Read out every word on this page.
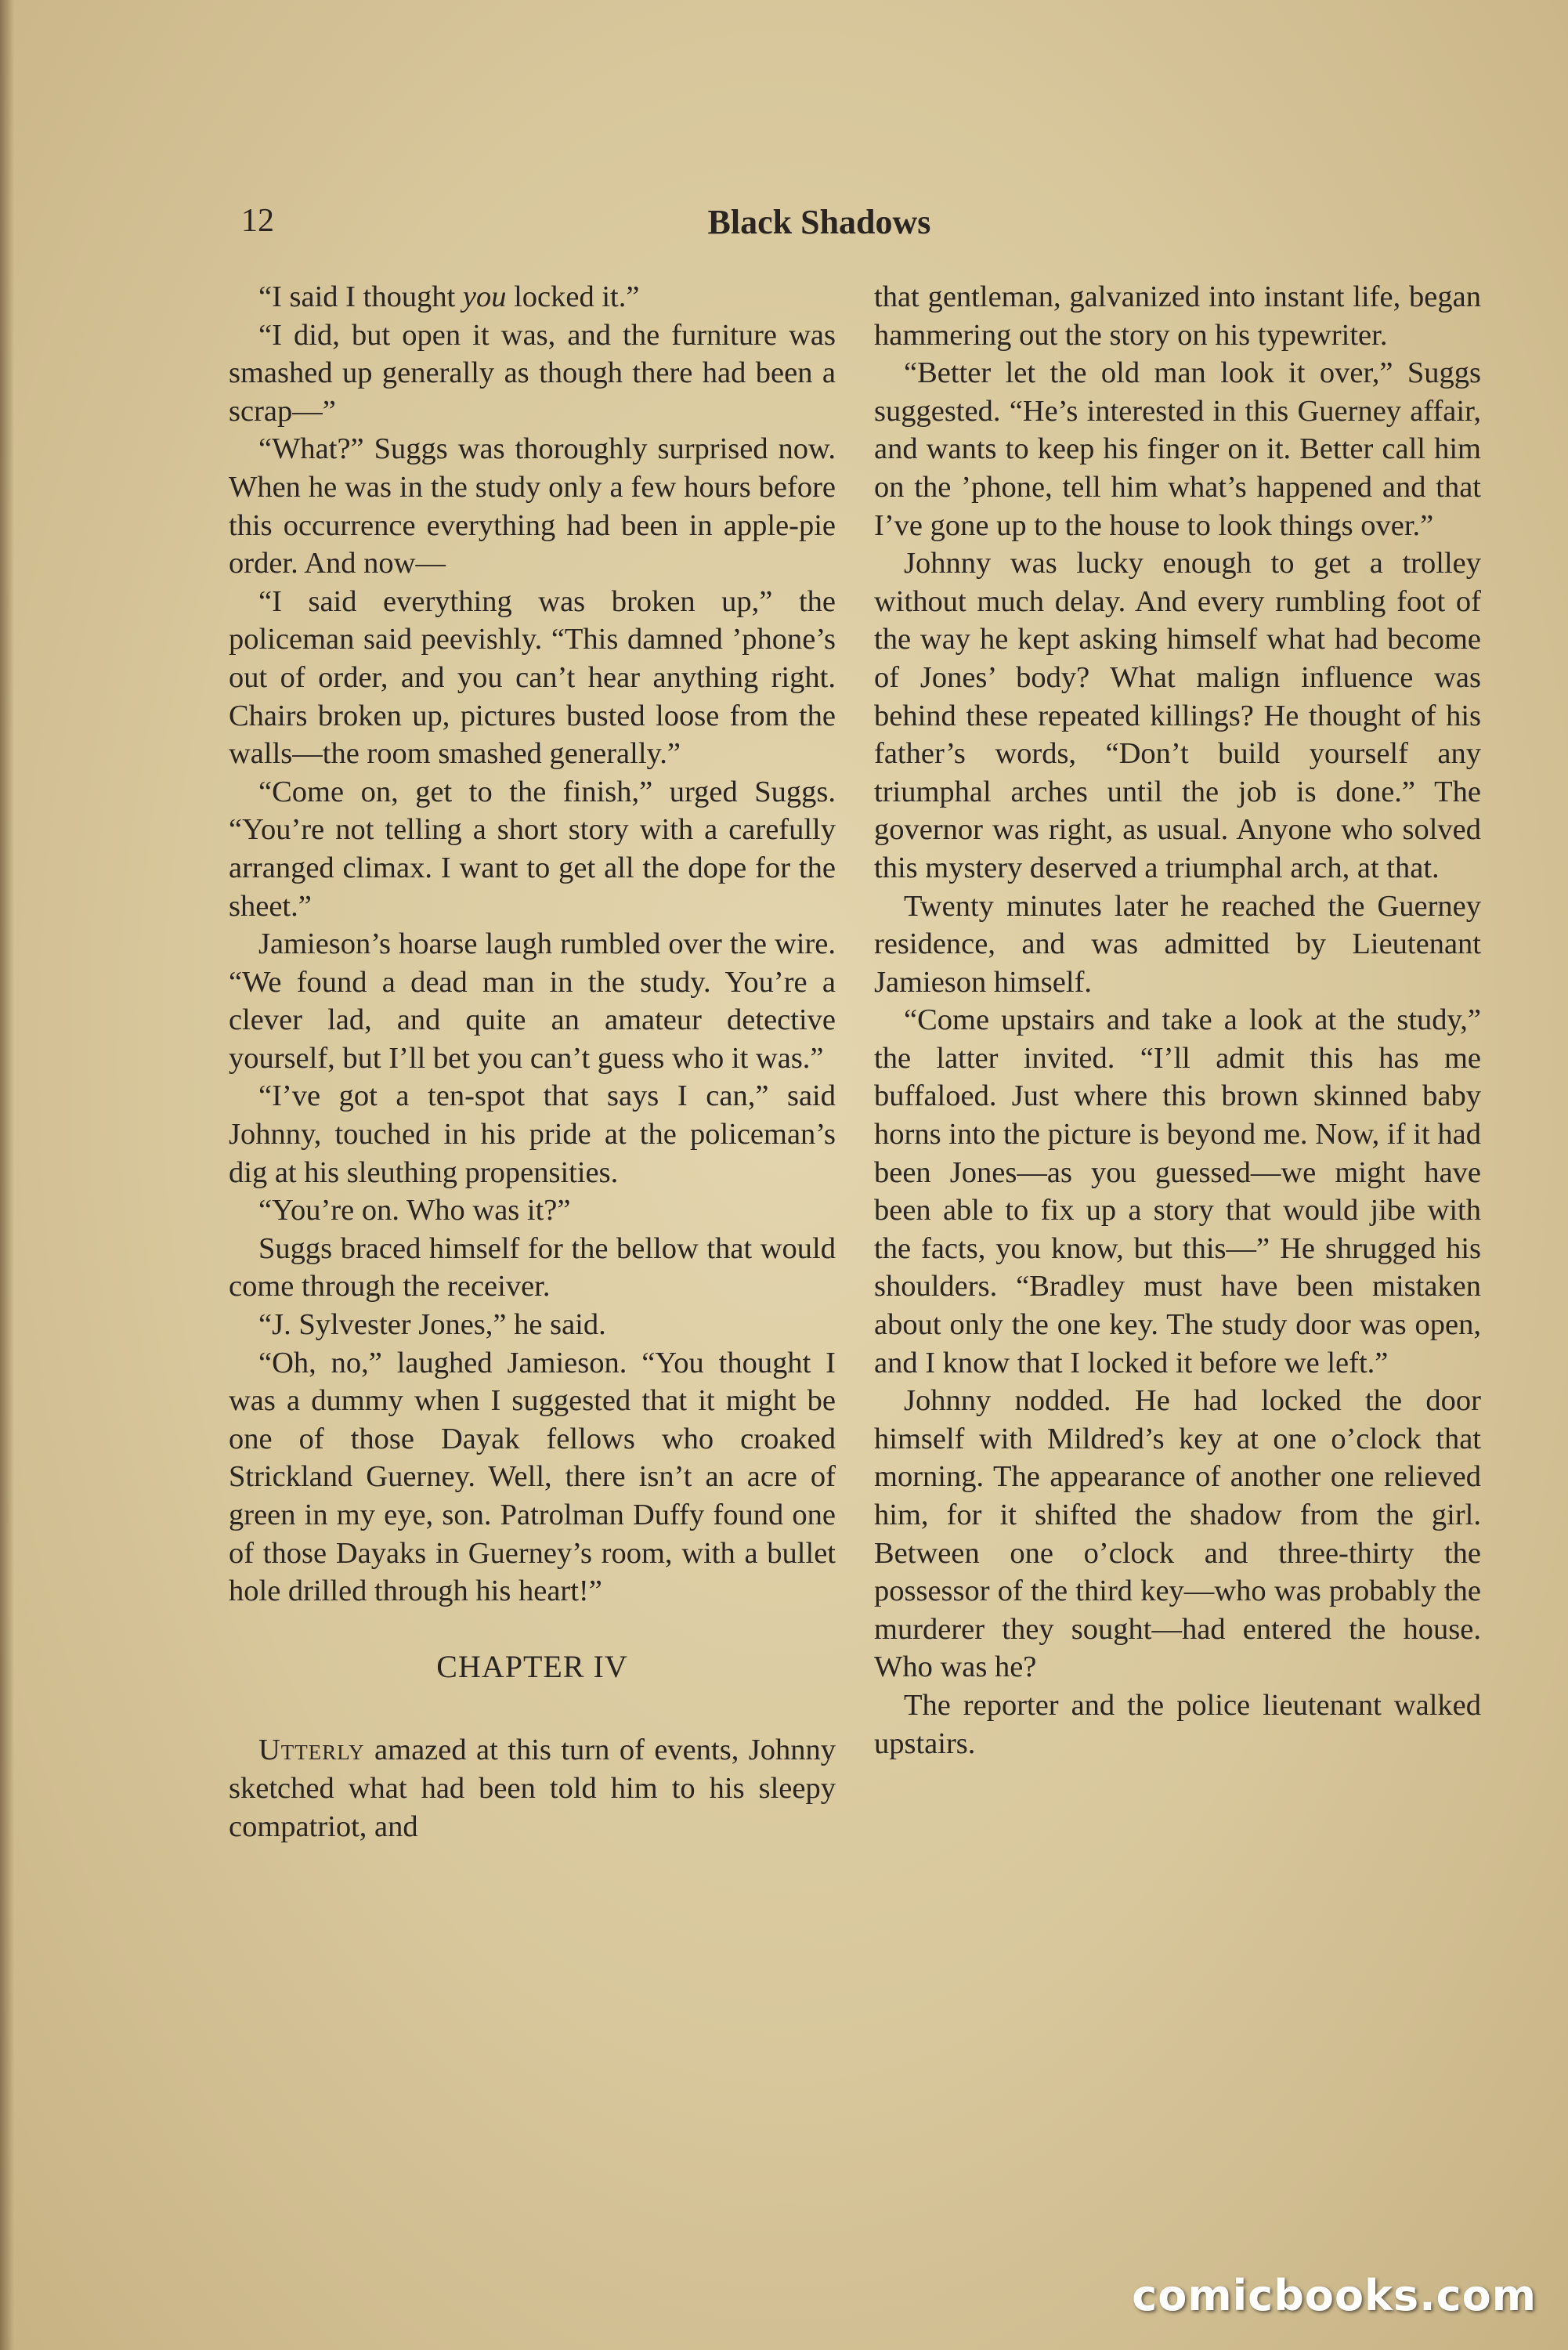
12	Black Shadows

“I said I thought you locked it.”

“I did, but open it was, and the furniture was smashed up generally as though there had been a scrap—”

“What?” Suggs was thoroughly surprised now. When he was in the study only a few hours before this occurrence everything had been in apple-pie order. And now—

“I said everything was broken up,” the policeman said peevishly. “This damned ’phone’s out of order, and you can’t hear anything right. Chairs broken up, pictures busted loose from the walls—the room smashed generally.”

“Come on, get to the finish,” urged Suggs. “You’re not telling a short story with a carefully arranged climax. I want to get all the dope for the sheet.”

Jamieson’s hoarse laugh rumbled over the wire. “We found a dead man in the study. You’re a clever lad, and quite an amateur detective yourself, but I’ll bet you can’t guess who it was.”

“I’ve got a ten-spot that says I can,” said Johnny, touched in his pride at the policeman’s dig at his sleuthing propensities.

“You’re on. Who was it?”

Suggs braced himself for the bellow that would come through the receiver.

“J. Sylvester Jones,” he said.

“Oh, no,” laughed Jamieson. “You thought I was a dummy when I suggested that it might be one of those Dayak fellows who croaked Strickland Guerney. Well, there isn’t an acre of green in my eye, son. Patrolman Duffy found one of those Dayaks in Guerney’s room, with a bullet hole drilled through his heart!”

CHAPTER IV

Utterly amazed at this turn of events, Johnny sketched what had been told him to his sleepy compatriot, and

that gentleman, galvanized into instant life, began hammering out the story on his typewriter.

“Better let the old man look it over,” Suggs suggested. “He’s interested in this Guerney affair, and wants to keep his finger on it. Better call him on the ’phone, tell him what’s happened and that I’ve gone up to the house to look things over.”

Johnny was lucky enough to get a trolley without much delay. And every rumbling foot of the way he kept asking himself what had become of Jones’ body? What malign influence was behind these repeated killings? He thought of his father’s words, “Don’t build yourself any triumphal arches until the job is done.” The governor was right, as usual. Anyone who solved this mystery deserved a triumphal arch, at that.

Twenty minutes later he reached the Guerney residence, and was admitted by Lieutenant Jamieson himself.

“Come upstairs and take a look at the study,” the latter invited. “I’ll admit this has me buffaloed. Just where this brown skinned baby horns into the picture is beyond me. Now, if it had been Jones—as you guessed—we might have been able to fix up a story that would jibe with the facts, you know, but this—” He shrugged his shoulders. “Bradley must have been mistaken about only the one key. The study door was open, and I know that I locked it before we left.”

Johnny nodded. He had locked the door himself with Mildred’s key at one o’clock that morning. The appearance of another one relieved him, for it shifted the shadow from the girl. Between one o’clock and three-thirty the possessor of the third key—who was probably the murderer they sought—had entered the house. Who was he?

The reporter and the police lieutenant walked upstairs.

comicbooks.com
